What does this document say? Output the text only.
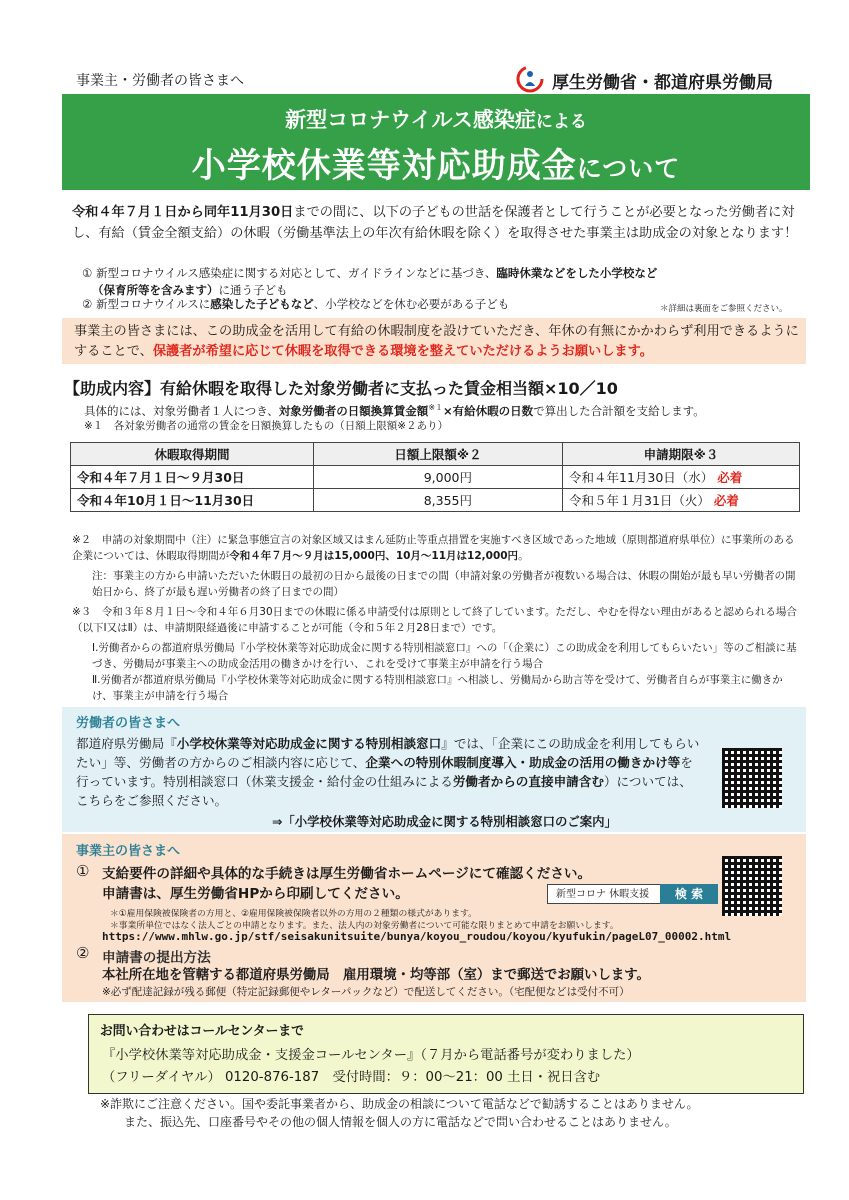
事業主・労働者の皆さまへ	厚生労働省・都道府県労働局
新型コロナウイルス感染症による
小学校休業等対応助成金について
令和４年７月１日から同年11月30日までの間に、以下の子どもの世話を保護者として行うことが必要となった労働者に対し、有給（賃金全額支給）の休暇（労働基準法上の年次有給休暇を除く）を取得させた事業主は助成金の対象となります！
① 新型コロナウイルス感染症に関する対応として、ガイドラインなどに基づき、臨時休業などをした小学校など
（保育所等を含みます）に通う子ども
② 新型コロナウイルスに感染した子どもなど、小学校などを休む必要がある子ども	＊詳細は裏面をご参照ください。
事業主の皆さまには、この助成金を活用して有給の休暇制度を設けていただき、年休の有無にかかわらず利用できるようにすることで、保護者が希望に応じて休暇を取得できる環境を整えていただけるようお願いします。
【助成内容】有給休暇を取得した対象労働者に支払った賃金相当額×10／10
具体的には、対象労働者１人につき、対象労働者の日額換算賃金額$^{※1}$×有給休暇の日数で算出した合計額を支給します。
※１　各対象労働者の通常の賃金を日額換算したもの（日額上限額※２あり）
休暇取得期間	日額上限額※２	申請期限※３
令和４年７月１日～９月30日	9,000円	令和４年11月30日（水） 必着
令和４年10月１日～11月30日	8,355円	令和５年１月31日（火） 必着
※２　申請の対象期間中（注）に緊急事態宣言の対象区域又はまん延防止等重点措置を実施すべき区域であった地域（原則都道府県単位）に事業所のある企業については、休暇取得期間が令和４年７月～９月は15,000円、10月～11月は12,000円。
注：事業主の方から申請いただいた休暇日の最初の日から最後の日までの間（申請対象の労働者が複数いる場合は、休暇の開始が最も早い労働者の開始日から、終了が最も遅い労働者の終了日までの間）
※３　令和３年８月１日～令和４年６月30日までの休暇に係る申請受付は原則として終了しています。ただし、やむを得ない理由があると認められる場合（以下Ⅰ又はⅡ）は、申請期限経過後に申請することが可能（令和５年２月28日まで）です。
Ⅰ.労働者からの都道府県労働局『小学校休業等対応助成金に関する特別相談窓口』への「（企業に）この助成金を利用してもらいたい」等のご相談に基づき、労働局が事業主への助成金活用の働きかけを行い、これを受けて事業主が申請を行う場合
Ⅱ.労働者が都道府県労働局『小学校休業等対応助成金に関する特別相談窓口』へ相談し、労働局から助言等を受けて、労働者自らが事業主に働きかけ、事業主が申請を行う場合
労働者の皆さまへ
都道府県労働局『小学校休業等対応助成金に関する特別相談窓口』では、「企業にこの助成金を利用してもらいたい」等、労働者の方からのご相談内容に応じて、企業への特別休暇制度導入・助成金の活用の働きかけ等を行っています。特別相談窓口（休業支援金・給付金の仕組みによる労働者からの直接申請含む）については、こちらをご参照ください。
⇒「小学校休業等対応助成金に関する特別相談窓口のご案内」
事業主の皆さまへ
① 支給要件の詳細や具体的な手続きは厚生労働省ホームページにて確認ください。
申請書は、厚生労働省HPから印刷してください。	新型コロナ 休暇支援	検 索
＊①雇用保険被保険者の方用と、②雇用保険被保険者以外の方用の２種類の様式があります。
＊事業所単位ではなく法人ごとの申請となります。また、法人内の対象労働者について可能な限りまとめて申請をお願いします。
https://www.mhlw.go.jp/stf/seisakunitsuite/bunya/koyou_roudou/koyou/kyufukin/pageL07_00002.html
② 申請書の提出方法
本社所在地を管轄する都道府県労働局　雇用環境・均等部（室）まで郵送でお願いします。
※必ず配達記録が残る郵便（特定記録郵便やレターパックなど）で配送してください。（宅配便などは受付不可）
お問い合わせはコールセンターまで
『小学校休業等対応助成金・支援金コールセンター』（７月から電話番号が変わりました）
（フリーダイヤル） 0120-876-187　受付時間：９：00～21：00 土日・祝日含む
※詐欺にご注意ください。国や委託事業者から、助成金の相談について電話などで勧誘することはありません。
また、振込先、口座番号やその他の個人情報を個人の方に電話などで問い合わせることはありません。
